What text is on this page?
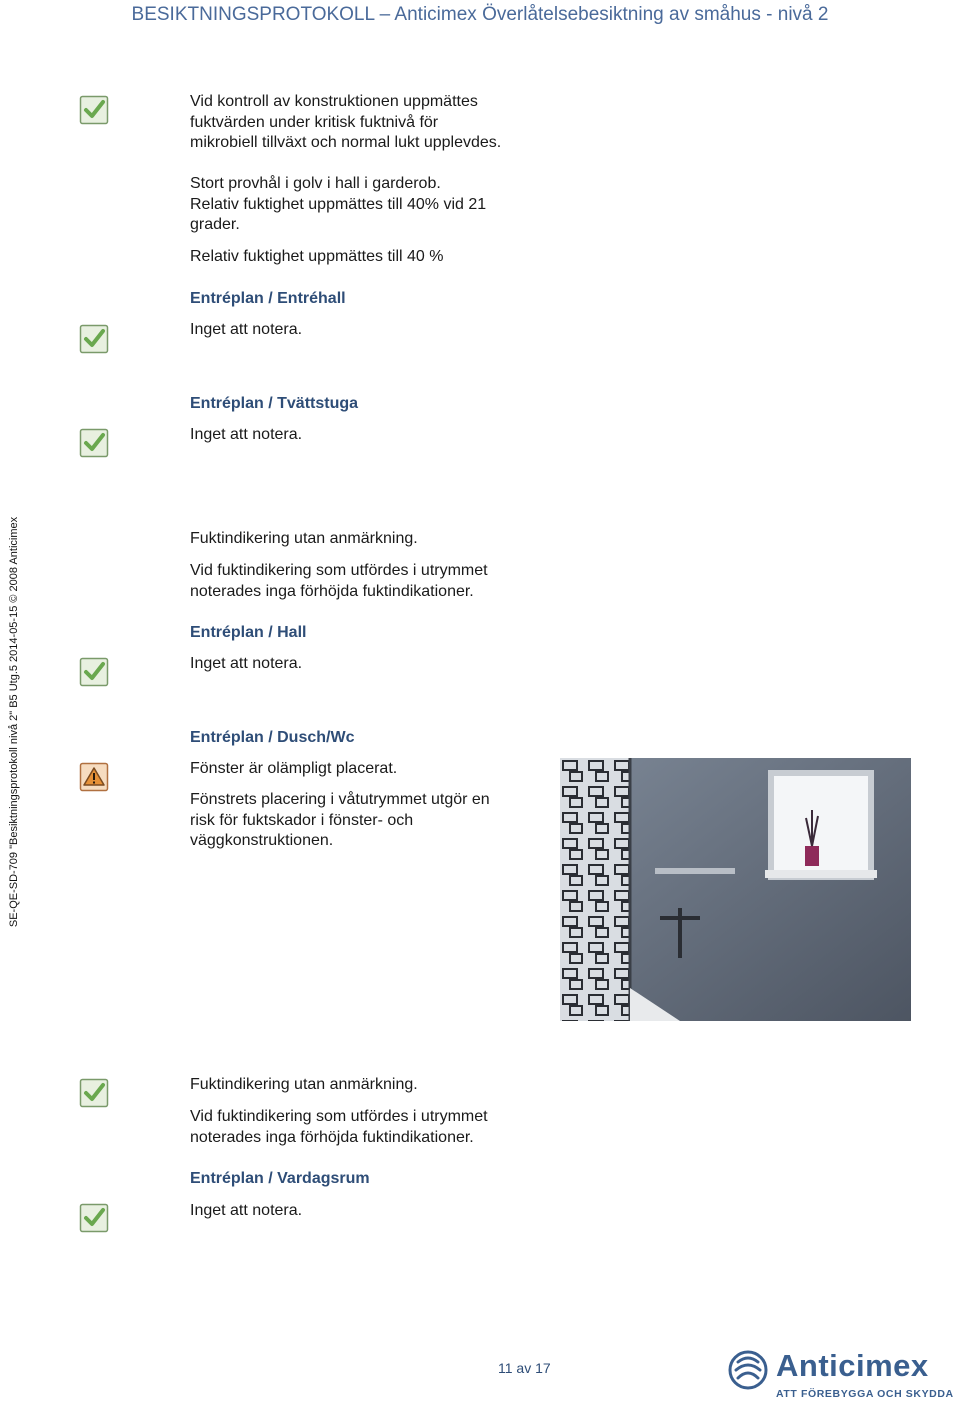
BESIKTNINGSPROTOKOLL – Anticimex Överlåtelsebesiktning av småhus - nivå 2
SE-QE-SD-709 "Besiktningsprotokoll nivå 2" B5 Utg.5 2014-05-15 © 2008 Anticimex
Vid kontroll av konstruktionen uppmättes
fuktvärden under kritisk fuktnivå för
mikrobiell tillväxt och normal lukt upplevdes.
Stort provhål i golv i hall i garderob.
Relativ fuktighet uppmättes till 40% vid 21
grader.
Relativ fuktighet uppmättes till 40 %
Entréplan / Entréhall
Inget att notera.
Entréplan / Tvättstuga
Inget att notera.
Fuktindikering utan anmärkning.
Vid fuktindikering som utfördes i utrymmet
noterades inga förhöjda fuktindikationer.
Entréplan / Hall
Inget att notera.
Entréplan / Dusch/Wc
Fönster är olämpligt placerat.
Fönstrets placering i våtutrymmet utgör en
risk för fuktskador i fönster- och
väggkonstruktionen.
Fuktindikering utan anmärkning.
Vid fuktindikering som utfördes i utrymmet
noterades inga förhöjda fuktindikationer.
Entréplan / Vardagsrum
Inget att notera.
11 av 17	Anticimex
ATT FÖREBYGGA OCH SKYDDA
